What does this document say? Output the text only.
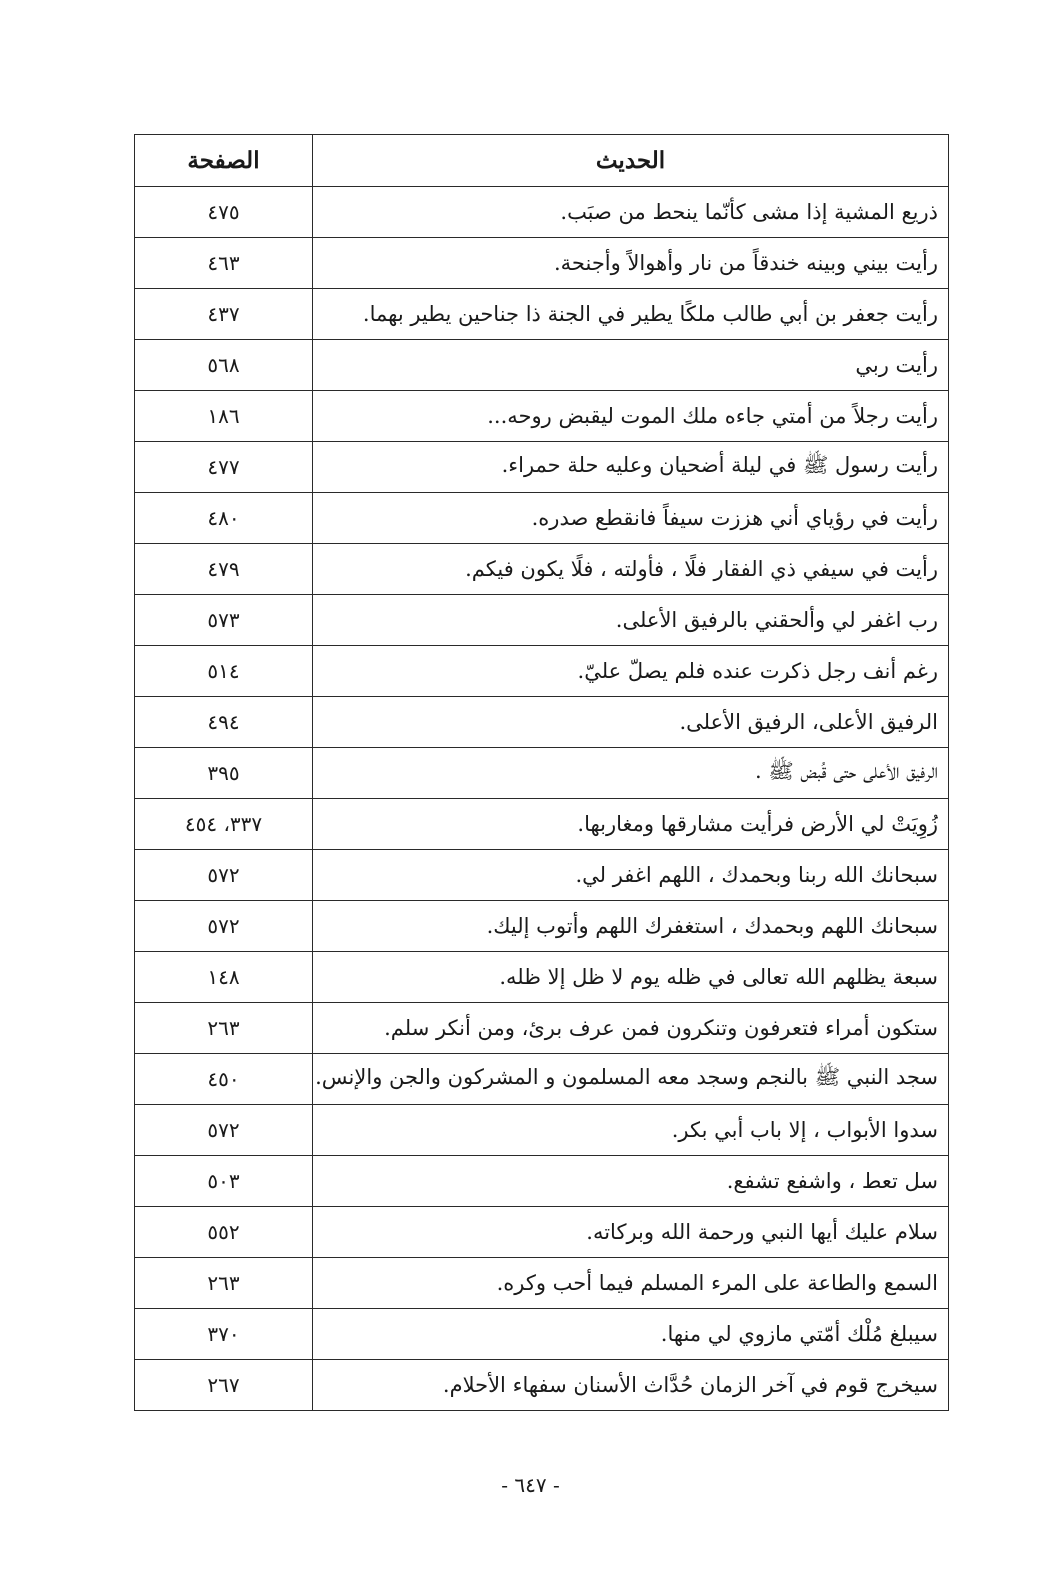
الحديث	الصفحة
ذريع المشية إذا مشى كأنّما ينحط من صبَب.	٤٧٥
رأيت بيني وبينه خندقاً من نار وأهوالاً وأجنحة.	٤٦٣
رأيت جعفر بن أبي طالب ملكًا يطير في الجنة ذا جناحين يطير بهما.	٤٣٧
رأيت ربي	٥٦٨
رأيت رجلاً من أمتي جاءه ملك الموت ليقبض روحه...	١٨٦
رأيت رسول ﷺ في ليلة أضحيان وعليه حلة حمراء.	٤٧٧
رأيت في رؤياي أني هززت سيفاً فانقطع صدره.	٤٨٠
رأيت في سيفي ذي الفقار فلًا ، فأولته ، فلًا يكون فيكم.	٤٧٩
رب اغفر لي وألحقني بالرفيق الأعلى.	٥٧٣
رغم أنف رجل ذكرت عنده فلم يصلّ عليّ.	٥١٤
الرفيق الأعلى، الرفيق الأعلى.	٤٩٤
الرفيق الأعلى حتى قُبض ﷺ .	٣٩٥
زُوِيَتْ لي الأرض فرأيت مشارقها ومغاربها.	٣٣٧، ٤٥٤
سبحانك الله ربنا وبحمدك ، اللهم اغفر لي.	٥٧٢
سبحانك اللهم وبحمدك ، استغفرك اللهم وأتوب إليك.	٥٧٢
سبعة يظلهم الله تعالى في ظله يوم لا ظل إلا ظله.	١٤٨
ستكون أمراء فتعرفون وتنكرون فمن عرف برئ، ومن أنكر سلم.	٢٦٣
سجد النبي ﷺ بالنجم وسجد معه المسلمون و المشركون والجن والإنس.	٤٥٠
سدوا الأبواب ، إلا باب أبي بكر.	٥٧٢
سل تعط ، واشفع تشفع.	٥٠٣
سلام عليك أيها النبي ورحمة الله وبركاته.	٥٥٢
السمع والطاعة على المرء المسلم فيما أحب وكره.	٢٦٣
سيبلغ مُلْك أمّتي مازوي لي منها.	٣٧٠
سيخرج قوم في آخر الزمان حُدَّاث الأسنان سفهاء الأحلام.	٢٦٧
- ٦٤٧ -
